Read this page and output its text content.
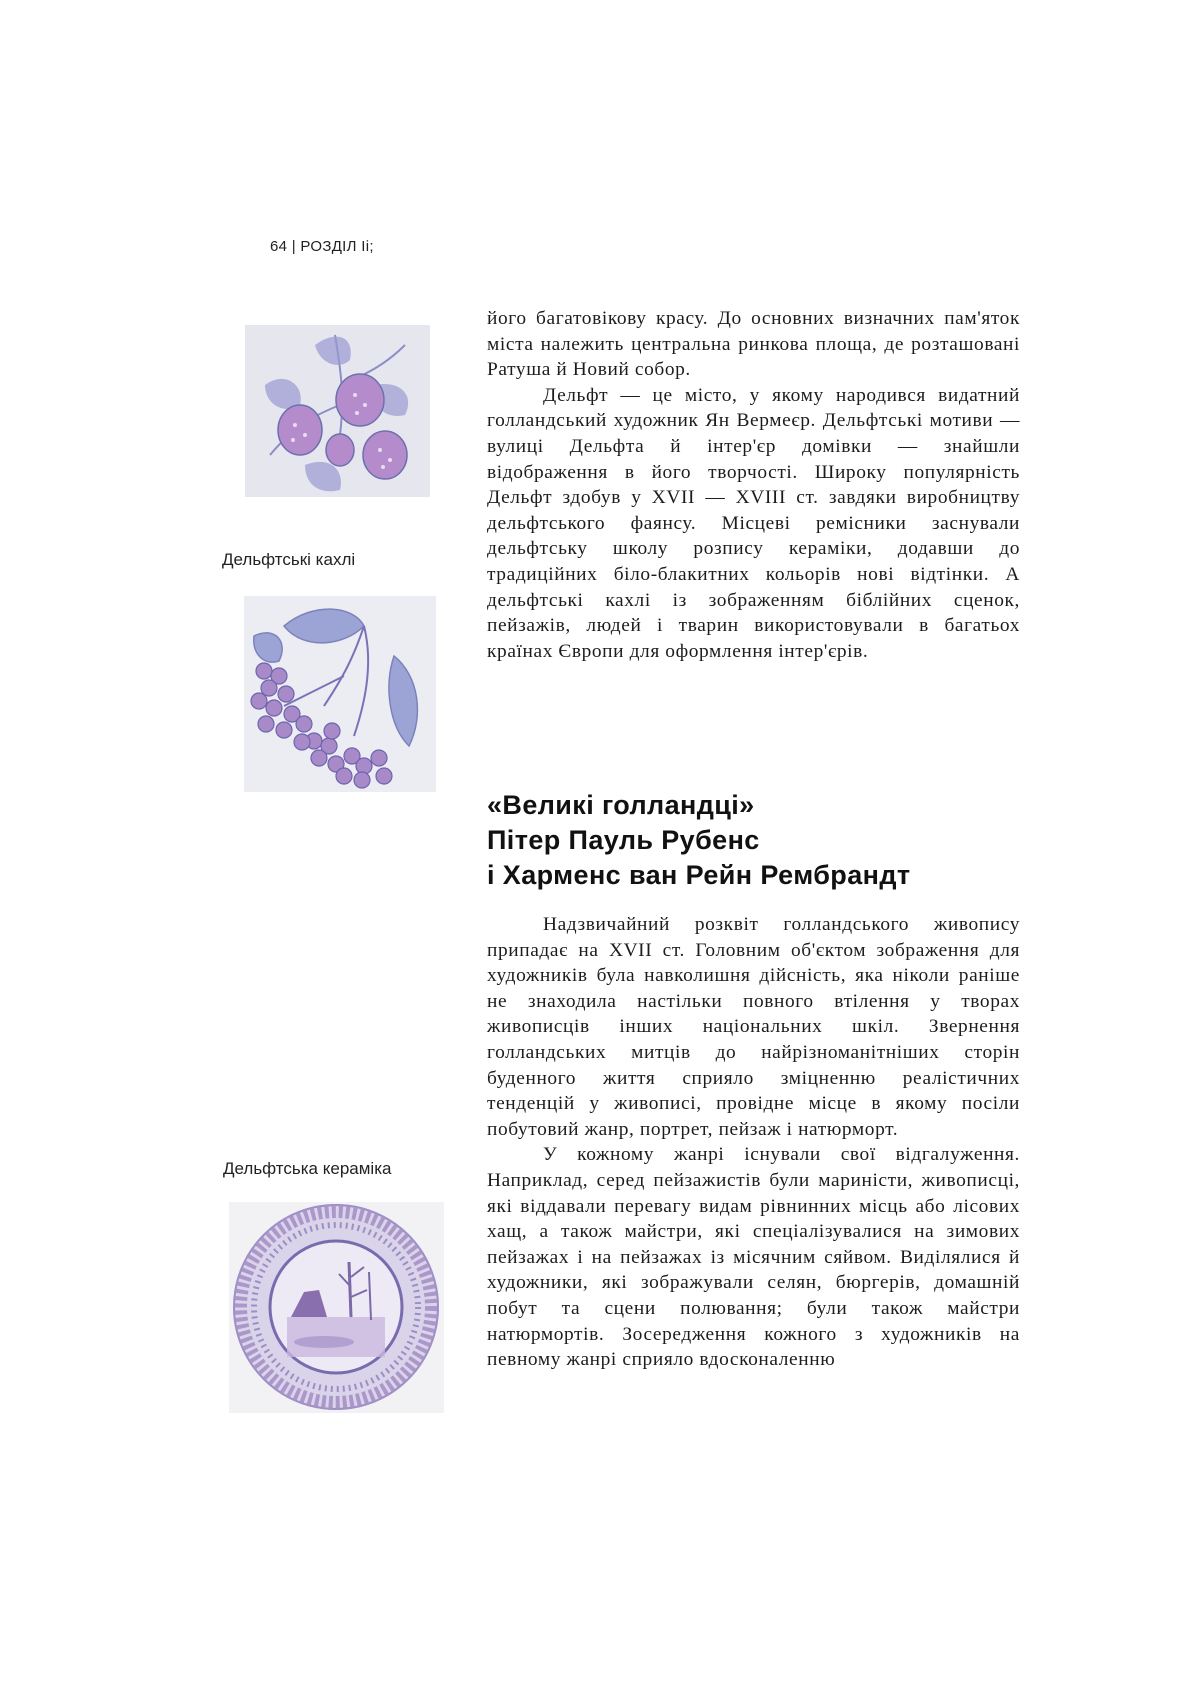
64 | РОЗДІЛ Іі;
Дельфтські кахлі
Дельфтська кераміка

його багатовікову красу. До основних визначних пам'яток міста належить центральна ринкова площа, де розташовані Ратуша й Новий собор.

Дельфт — це місто, у якому народився видатний голландський художник Ян Вермеєр. Дельфтські мотиви — вулиці Дельфта й інтер'єр домівки — знайшли відображення в його творчості. Широку популярність Дельфт здобув у XVII — XVIII ст. завдяки виробництву дельфтського фаянсу. Місцеві ремісники заснували дельфтську школу розпису кераміки, додавши до традиційних біло-блакитних кольорів нові відтінки. А дельфтські кахлі із зображенням біблійних сценок, пейзажів, людей і тварин використовували в багатьох країнах Європи для оформлення інтер'єрів.

«Великі голландці»
Пітер Пауль Рубенс
і Харменс ван Рейн Рембрандт

Надзвичайний розквіт голландського живопису припадає на XVII ст. Головним об'єктом зображення для художників була навколишня дійсність, яка ніколи раніше не знаходила настільки повного втілення у творах живописців інших національних шкіл. Звернення голландських митців до найрізноманітніших сторін буденного життя сприяло зміцненню реалістичних тенденцій у живописі, провідне місце в якому посіли побутовий жанр, портрет, пейзаж і натюрморт.

У кожному жанрі існували свої відгалуження. Наприклад, серед пейзажистів були мариністи, живописці, які віддавали перевагу видам рівнинних місць або лісових хащ, а також майстри, які спеціалізувалися на зимових пейзажах і на пейзажах із місячним сяйвом. Виділялися й художники, які зображували селян, бюргерів, домашній побут та сцени полювання; були також майстри натюрмортів. Зосередження кожного з художників на певному жанрі сприяло вдосконаленню
